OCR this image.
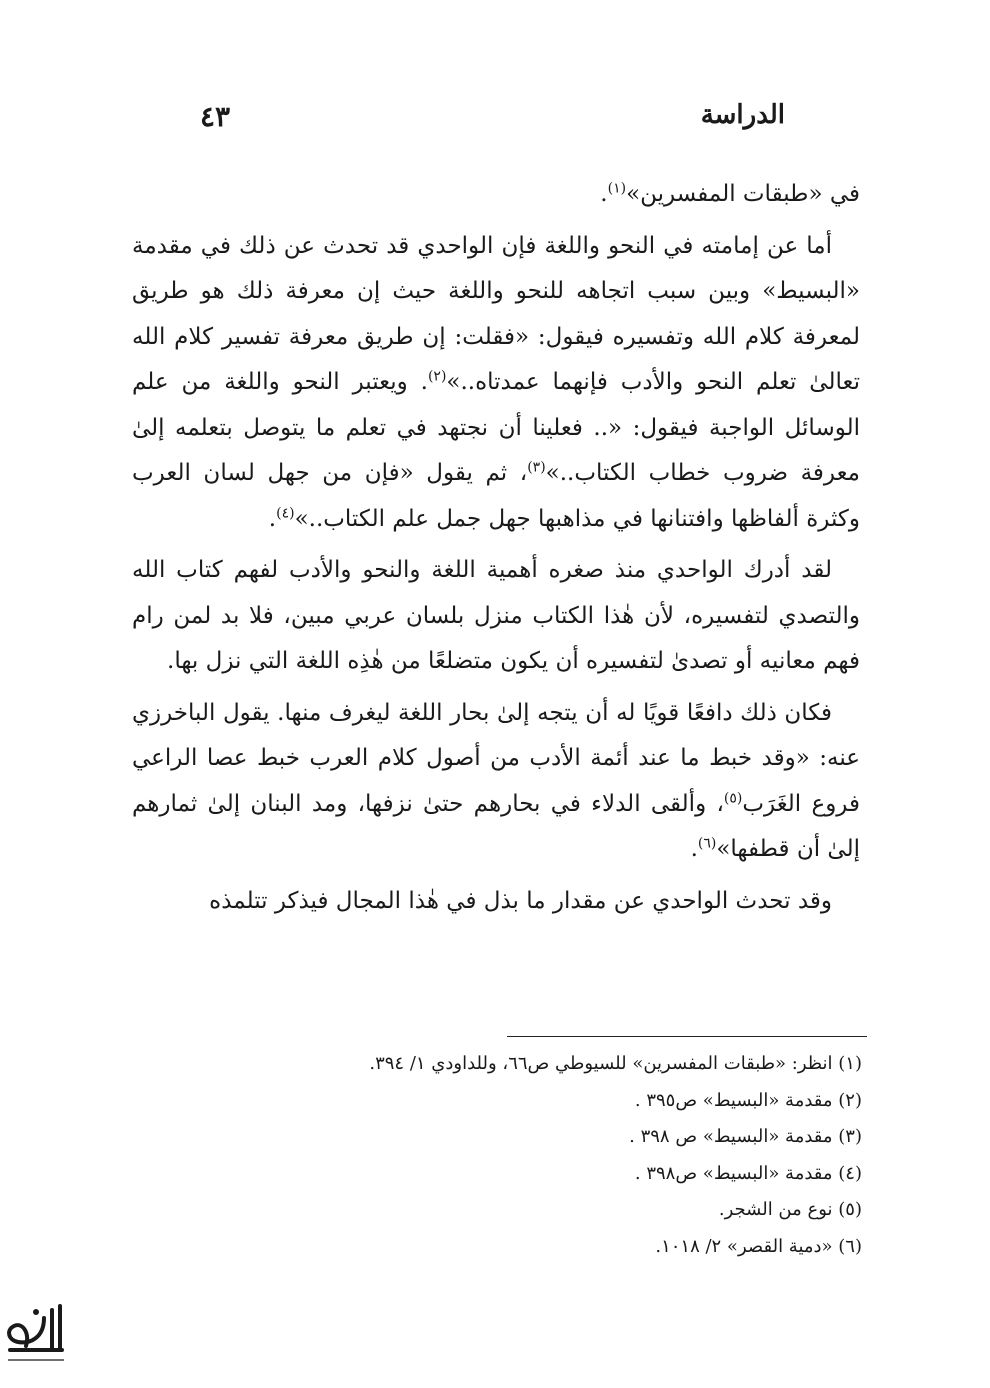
الدراسة
٤٣

في «طبقات المفسرين»$^{(١)}$.

أما عن إمامته في النحو واللغة فإن الواحدي قد تحدث عن ذلك في مقدمة «البسيط» وبين سبب اتجاهه للنحو واللغة حيث إن معرفة ذلك هو طريق لمعرفة كلام الله وتفسيره فيقول: «فقلت: إن طريق معرفة تفسير كلام الله تعالىٰ تعلم النحو والأدب فإنهما عمدتاه..»$^{(٢)}$. ويعتبر النحو واللغة من علم الوسائل الواجبة فيقول: «.. فعلينا أن نجتهد في تعلم ما يتوصل بتعلمه إلىٰ معرفة ضروب خطاب الكتاب..»$^{(٣)}$، ثم يقول «فإن من جهل لسان العرب وكثرة ألفاظها وافتنانها في مذاهبها جهل جمل علم الكتاب..»$^{(٤)}$.

لقد أدرك الواحدي منذ صغره أهمية اللغة والنحو والأدب لفهم كتاب الله والتصدي لتفسيره، لأن هٰذا الكتاب منزل بلسان عربي مبين، فلا بد لمن رام فهم معانيه أو تصدىٰ لتفسيره أن يكون متضلعًا من هٰذِه اللغة التي نزل بها.

فكان ذلك دافعًا قويًا له أن يتجه إلىٰ بحار اللغة ليغرف منها. يقول الباخرزي عنه: «وقد خبط ما عند أئمة الأدب من أصول كلام العرب خبط عصا الراعي فروع الغَرَب$^{(٥)}$، وألقى الدلاء في بحارهم حتىٰ نزفها، ومد البنان إلىٰ ثمارهم إلىٰ أن قطفها»$^{(٦)}$.

وقد تحدث الواحدي عن مقدار ما بذل في هٰذا المجال فيذكر تتلمذه

(١) انظر: «طبقات المفسرين» للسيوطي ص٦٦، وللداودي ١/ ٣٩٤.
(٢) مقدمة «البسيط» ص٣٩٥ .
(٣) مقدمة «البسيط» ص ٣٩٨ .
(٤) مقدمة «البسيط» ص٣٩٨ .
(٥) نوع من الشجر.
(٦) «دمية القصر» ٢/ ١٠١٨.
